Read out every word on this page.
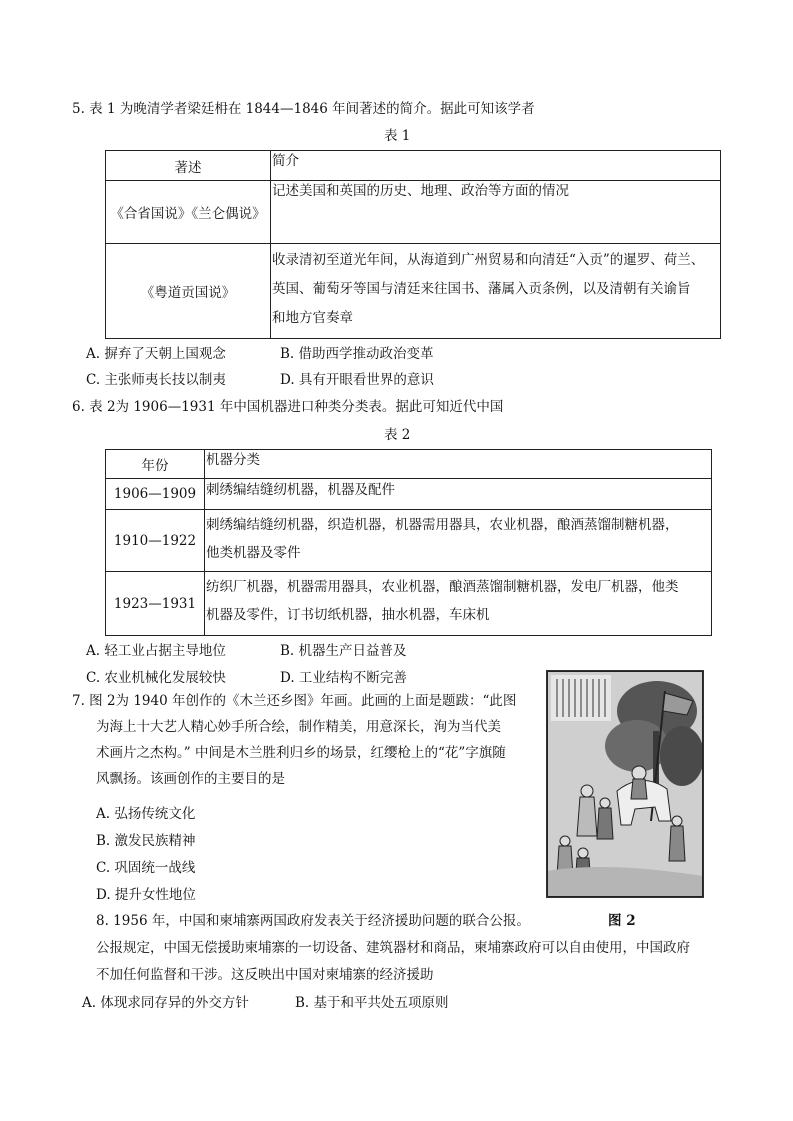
5. 表 1 为晚清学者梁廷枏在 1844—1846 年间著述的简介。据此可知该学者
表 1
著述	简介
《合省国说》《兰仑偶说》	记述美国和英国的历史、地理、政治等方面的情况
《粤道贡国说》	收录清初至道光年间，从海道到广州贸易和向清廷“入贡”的暹罗、荷兰、
英国、葡萄牙等国与清廷来往国书、藩属入贡条例，以及清朝有关谕旨
和地方官奏章
A. 摒弃了天朝上国观念	B. 借助西学推动政治变革
C. 主张师夷长技以制夷	D. 具有开眼看世界的意识
6. 表 2为 1906—1931 年中国机器进口种类分类表。据此可知近代中国
表 2
年份	机器分类
1906—1909	刺绣编结缝纫机器，机器及配件
1910—1922	刺绣编结缝纫机器，织造机器，机器需用器具，农业机器，酿酒蒸馏制糖机器，
他类机器及零件

1923—1931	纺织厂机器，机器需用器具，农业机器，酿酒蒸馏制糖机器，发电厂机器，他类
机器及零件，订书切纸机器，抽水机器，车床机
A. 轻工业占据主导地位	B. 机器生产日益普及
C. 农业机械化发展较快	D. 工业结构不断完善
7. 图 2为 1940 年创作的《木兰还乡图》年画。此画的上面是题跋：“此图
为海上十大艺人精心妙手所合绘，制作精美，用意深长，洵为当代美
术画片之杰构。” 中间是木兰胜利归乡的场景，红缨枪上的“花”字旗随
风飘扬。该画创作的主要目的是
A. 弘扬传统文化
B. 激发民族精神
C. 巩固统一战线
D. 提升女性地位
8. 1956 年，中国和柬埔寨两国政府发表关于经济援助问题的联合公报。	图 2
公报规定，中国无偿援助柬埔寨的一切设备、建筑器材和商品，柬埔寨政府可以自由使用，中国政府
不加任何监督和干涉。这反映出中国对柬埔寨的经济援助
A. 体现求同存异的外交方针	B. 基于和平共处五项原则
